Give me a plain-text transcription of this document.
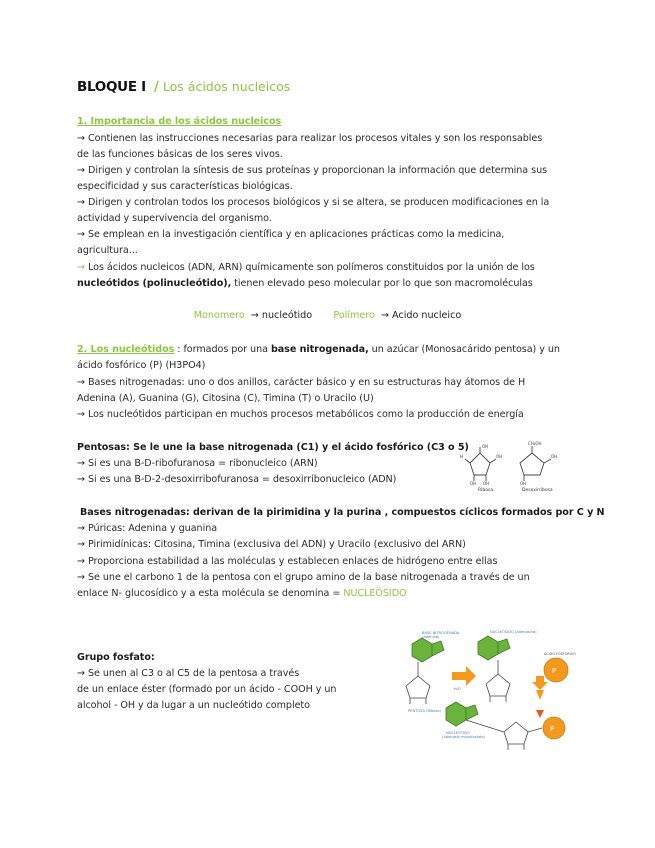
BLOQUE I / Los ácidos nucleicos
1. Importancia de los ácidos nucleicos
→ Contienen las instrucciones necesarias para realizar los procesos vitales y son los responsables
de las funciones básicas de los seres vivos.
→ Dirigen y controlan la síntesis de sus proteínas y proporcionan la información que determina sus
especificidad y sus características biológicas.
→ Dirigen y controlan todos los procesos biológicos y si se altera, se producen modificaciones en la
actividad y supervivencia del organismo.
→ Se emplean en la investigación científica y en aplicaciones prácticas como la medicina,
agricultura...
→ Los ácidos nucleicos (ADN, ARN) químicamente son polímeros constituidos por la unión de los
nucleótidos (polinucleótido), tienen elevado peso molecular por lo que son macromoléculas
Monomero → nucleótido Polímero → Acido nucleico
2. Los nucleótidos : formados por una base nitrogenada, un azúcar (Monosacárido pentosa) y un
ácido fosfórico (P) (H3PO4)
→ Bases nitrogenadas: uno o dos anillos, carácter básico y en su estructuras hay átomos de H
Adenina (A), Guanina (G), Citosina (C), Timina (T) o Uracilo (U)
→ Los nucleótidos participan en muchos procesos metabólicos como la producción de energía
Pentosas: Se le une la base nitrogenada (C1) y el ácido fosfórico (C3 o 5)
→ Si es una B-D-ribofuranosa = ribonucleico (ARN)
→ Si es una B-D-2-desoxirribofuranosa = desoxirribonucleico (ADN)
OH
H	OH
OH OH
Ribosa
CH₂OH
OH
OH
Desoxirribosa
Bases nitrogenadas: derivan de la pirimidina y la purina , compuestos cíclicos formados por C y N
→ Púricas: Adenina y guanina
→ Pirimidínicas: Citosina, Timina (exclusiva del ADN) y Uracilo (exclusivo del ARN)
→ Proporciona estabilidad a las moléculas y establecen enlaces de hidrógeno entre ellas
→ Se une el carbono 1 de la pentosa con el grupo amino de la base nitrogenada a través de un
enlace N- glucosídico y a esta molécula se denomina = NUCLEÓSIDO
Grupo fosfato:
→ Se unen al C3 o al C5 de la pentosa a través
de un enlace éster (formado por un ácido - COOH y un
alcohol - OH y da lugar a un nucleótido completo
BASE NITROGENADA
(Adenina)
PENTOSA (Ribosa)
H₂O
NUCLEÓSIDO (Adenosina)
P
ÁCIDO FOSFÓRICO
P
NUCLEÓTIDO
(Adenosín monofosfato)
